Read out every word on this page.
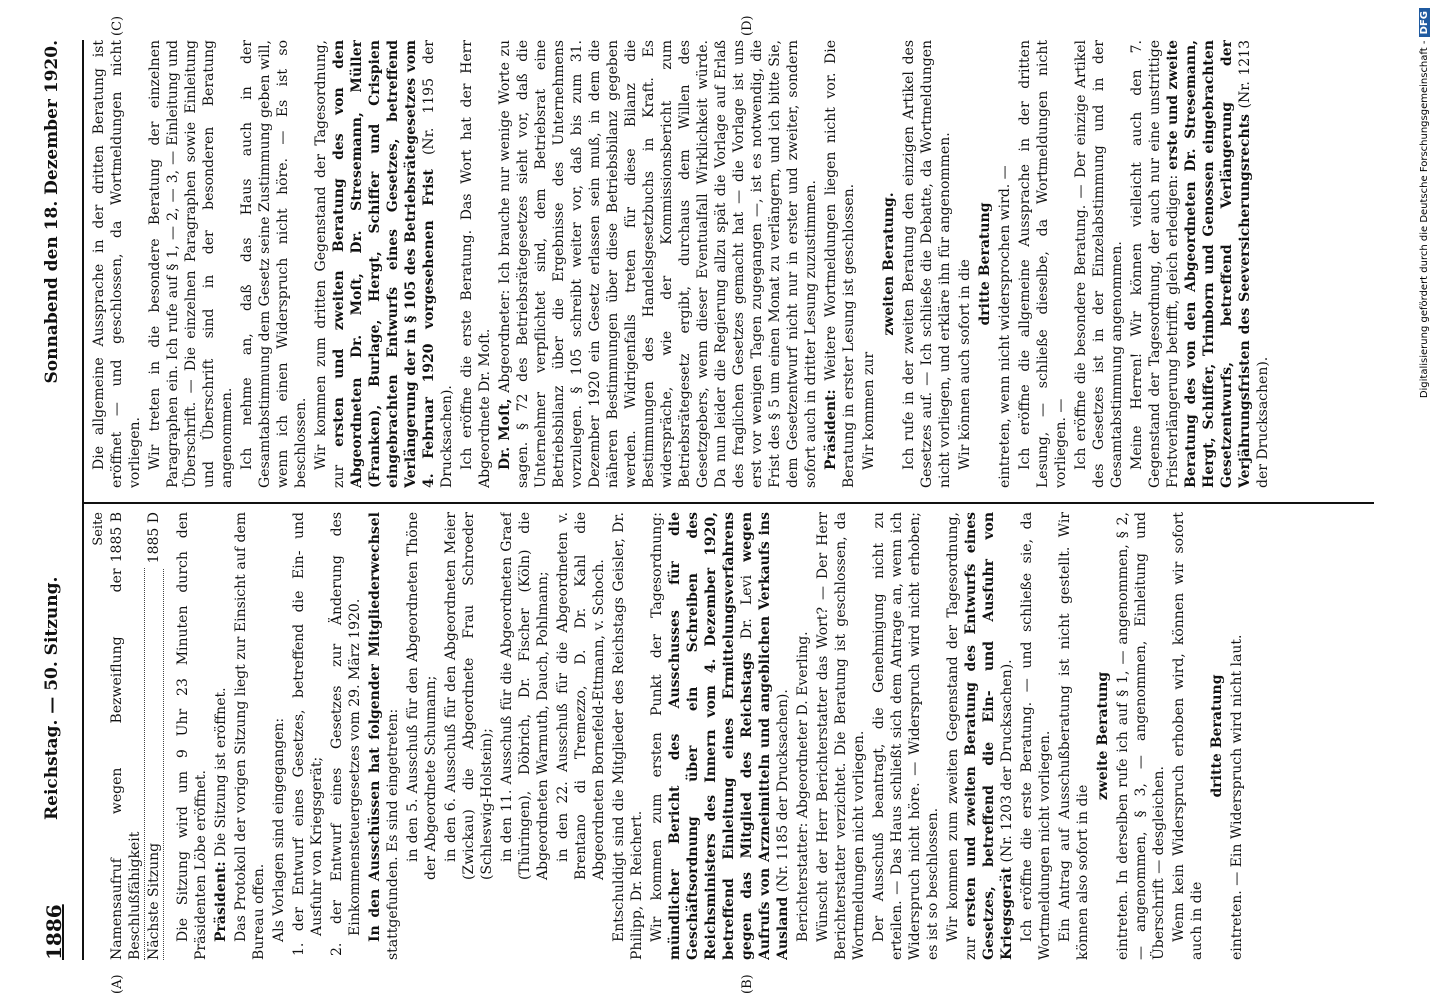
1886
Reichstag. — 50. Sitzung.
Sonnabend den 18. Dezember 1920.
(A)	(B)
(C)	(D)
Seite
Namensaufruf wegen Bezweiflung der Beschlußfähigkeit
1885 B
Nächste Sitzung
1885 D Die Sitzung wird um 9 Uhr 23 Minuten durch den Präsidenten Löbe eröffnet. Präsident: Die Sitzung ist eröffnet. Das Protokoll der vorigen Sitzung liegt zur Einsicht auf dem Bureau offen. Als Vorlagen sind eingegangen: 1. der Entwurf eines Gesetzes, betreffend die Ein- und Ausfuhr von Kriegsgerät; 2. der Entwurf eines Gesetzes zur Änderung des Einkommensteuergesetzes vom 29. März 1920. In den Ausschüssen hat folgender Mitgliederwechsel stattgefunden. Es sind eingetreten: in den 5. Ausschuß für den Abgeordneten Thöne der Abgeordnete Schumann; in den 6. Ausschuß für den Abgeordneten Meier (Zwickau) die Abgeordnete Frau Schroeder (Schleswig-Holstein); in den 11. Ausschuß für die Abgeordneten Graef (Thüringen), Döbrich, Dr. Fischer (Köln) die Abgeordneten Warmuth, Dauch, Pohlmann; in den 22. Ausschuß für die Abgeordneten v. Brentano di Tremezzo, D. Dr. Kahl die Abgeordneten Bornefeld-Ettmann, v. Schoch. Entschuldigt sind die Mitglieder des Reichstags Geisler, Dr. Philipp, Dr. Reichert. Wir kommen zum ersten Punkt der Tagesordnung: mündlicher Bericht des Ausschusses für die Geschäftsordnung über ein Schreiben des Reichsministers des Innern vom 4. Dezember 1920, betreffend Einleitung eines Ermittelungsverfahrens gegen das Mitglied des Reichstags Dr. Levi wegen Aufrufs von Arzneimitteln und angeblichen Verkaufs ins Ausland (Nr. 1185 der Drucksachen). Berichterstatter: Abgeordneter D. Everling. Wünscht der Herr Berichterstatter das Wort? — Der Herr Berichterstatter verzichtet. Die Beratung ist geschlossen, da Wortmeldungen nicht vorliegen. Der Ausschuß beantragt, die Genehmigung nicht zu erteilen. — Das Haus schließt sich dem Antrage an, wenn ich Widerspruch nicht höre. — Widerspruch wird nicht erhoben; es ist so beschlossen. Wir kommen zum zweiten Gegenstand der Tagesordnung, zur ersten und zweiten Beratung des Entwurfs eines Gesetzes, betreffend die Ein- und Ausfuhr von Kriegsgerät (Nr. 1203 der Drucksachen). Ich eröffne die erste Beratung. — und schließe sie, da Wortmeldungen nicht vorliegen. Ein Antrag auf Ausschußberatung ist nicht gestellt. Wir können also sofort in die

zweite Beratung eintreten. In derselben rufe ich auf § 1, — angenommen, § 2, — angenommen, § 3, — angenommen, Einleitung und Überschrift — desgleichen. Wenn kein Widerspruch erhoben wird, können wir sofort auch in die

dritte Beratung eintreten. — Ein Widerspruch wird nicht laut.

Die allgemeine Aussprache in der dritten Beratung ist eröffnet — und geschlossen, da Wortmeldungen nicht vorliegen. Wir treten in die besondere Beratung der einzelnen Paragraphen ein. Ich rufe auf § 1, — 2, — 3, — Einleitung und Überschrift. — Die einzelnen Paragraphen sowie Einleitung und Überschrift sind in der besonderen Beratung angenommen. Ich nehme an, daß das Haus auch in der Gesamtabstimmung dem Gesetz seine Zustimmung geben will, wenn ich einen Widerspruch nicht höre. — Es ist so beschlossen. Wir kommen zum dritten Gegenstand der Tagesordnung, zur ersten und zweiten Beratung des von den Abgeordneten Dr. Moſt, Dr. Stresemann, Müller (Franken), Burlage, Hergt, Schiffer und Crispien eingebrachten Entwurfs eines Gesetzes, betreffend Verlängerung der in § 105 des Betriebsrätegesetzes vom 4. Februar 1920 vorgesehenen Frist (Nr. 1195 der Drucksachen). Ich eröffne die erste Beratung. Das Wort hat der Herr Abgeordnete Dr. Moſt. Dr. Moſt, Abgeordneter: Ich brauche nur wenige Worte zu sagen. § 72 des Betriebsrätegesetzes sieht vor, daß die Unternehmer verpflichtet sind, dem Betriebsrat eine Betriebsbilanz über die Ergebnisse des Unternehmens vorzulegen. § 105 schreibt weiter vor, daß bis zum 31. Dezember 1920 ein Gesetz erlassen sein muß, in dem die näheren Bestimmungen über diese Betriebsbilanz gegeben werden. Widrigenfalls treten für diese Bilanz die Bestimmungen des Handelsgesetzbuchs in Kraft. Es widerspräche, wie der Kommissionsbericht zum Betriebsrätegesetz ergibt, durchaus dem Willen des Gesetzgebers, wenn dieser Eventualfall Wirklichkeit würde. Da nun leider die Regierung allzu spät die Vorlage auf Erlaß des fraglichen Gesetzes gemacht hat — die Vorlage ist uns erst vor wenigen Tagen zugegangen —, ist es notwendig, die Frist des § 5 um einen Monat zu verlängern, und ich bitte Sie, dem Gesetzentwurf nicht nur in erster und zweiter, sondern sofort auch in dritter Lesung zuzustimmen. Präsident: Weitere Wortmeldungen liegen nicht vor. Die Beratung in erster Lesung ist geschlossen. Wir kommen zur

zweiten Beratung. Ich rufe in der zweiten Beratung den einzigen Artikel des Gesetzes auf. — Ich schließe die Debatte, da Wortmeldungen nicht vorliegen, und erkläre ihn für angenommen. Wir können auch sofort in die dritte Beratung eintreten, wenn nicht widersprochen wird. — Ich eröffne die allgemeine Aussprache in der dritten Lesung, — schließe dieselbe, da Wortmeldungen nicht vorliegen. — Ich eröffne die besondere Beratung. — Der einzige Artikel des Gesetzes ist in der Einzelabstimmung und in der Gesamtabstimmung angenommen. Meine Herren! Wir können vielleicht auch den 7. Gegenstand der Tagesordnung, der auch nur eine unstrittige Fristverlängerung betrifft, gleich erledigen: erste und zweite Beratung des von den Abgeordneten Dr. Stresemann, Hergt, Schiffer, Trimborn und Genossen eingebrachten Gesetzentwurfs, betreffend Verlängerung der Verjährungsfristen des Seeversicherungsrechts (Nr. 1213 der Drucksachen).

Digitalisierung gefördert durch die Deutsche Forschungsgemeinschaft - DFG
